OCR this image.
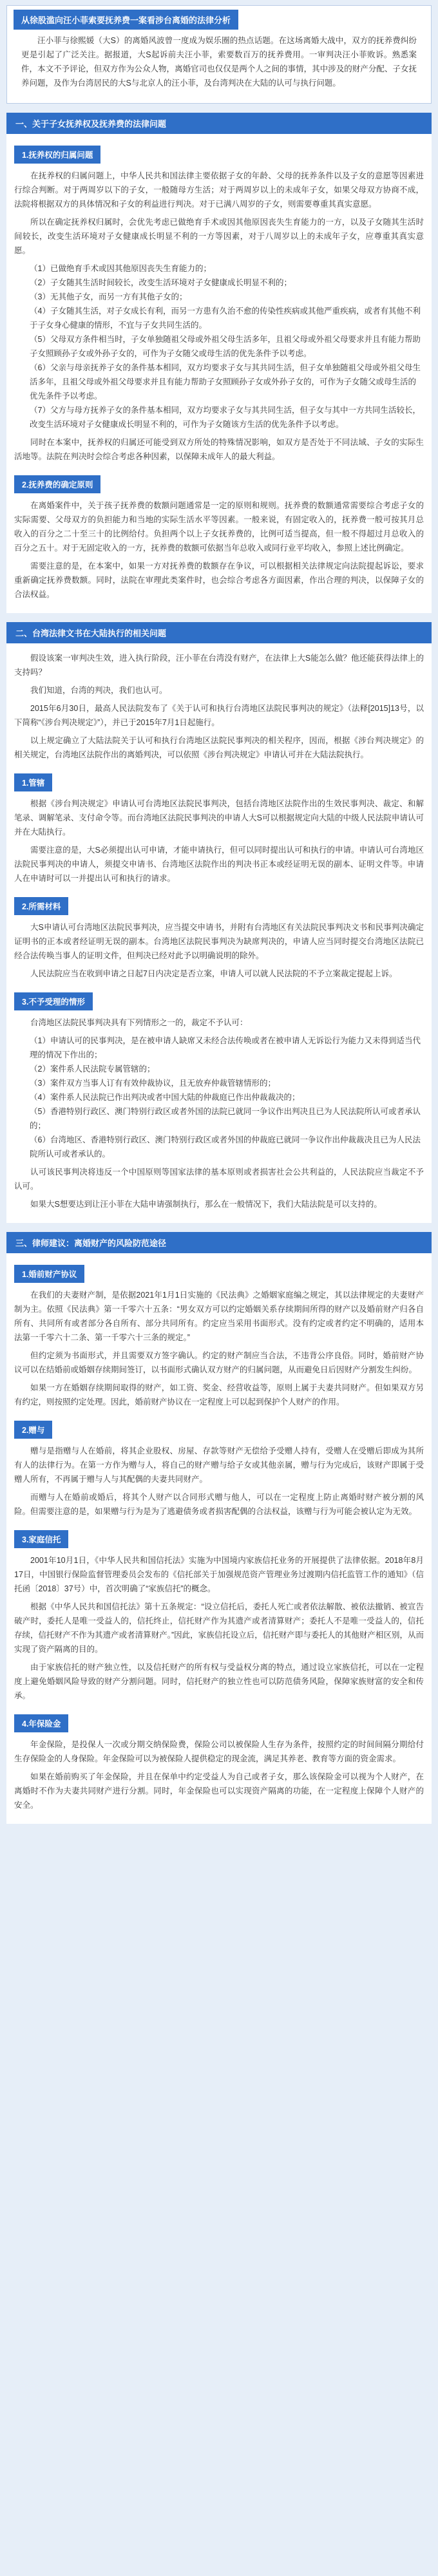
从徐股滥向汪小菲索要抚养费一案看涉台离婚的法律分析
汪小菲与徐熙媛（大S）的离婚风波曾一度成为娱乐圈的热点话题。在这场离婚大战中，双方的抚养费纠纷更是引起了广泛关注。据报道，大S起诉前夫汪小菲，索要数百万的抚养费用。一审判决汪小菲败诉。熟悉案件，本文不予评论，但双方作为公众人物，离婚官司也仅仅是两个人之间的事情，其中涉及的财产分配、子女抚养问题，及作为台湾居民的大S与北京人的汪小菲，及台湾判决在大陆的认可与执行问题。
一、关于子女抚养权及抚养费的法律问题
1.抚养权的归属问题
在抚养权的归属问题上，中华人民共和国法律主要依据子女的年龄、父母的抚养条件以及子女的意愿等因素进行综合判断。对于两周岁以下的子女，一般随母方生活；对于两周岁以上的未成年子女，如果父母双方协商不成，法院将根据双方的具体情况和子女的利益进行判决。对于已满八周岁的子女，则需要尊重其真实意愿。
所以在确定抚养权归属时，会优先考虑已做绝育手术或因其他原因丧失生育能力的一方，以及子女随其生活时间较长，改变生活环境对子女健康成长明显不利的一方等因素，对于八周岁以上的未成年子女，应尊重其真实意愿。
（1）已做绝育手术或因其他原因丧失生育能力的；
（2）子女随其生活时间较长，改变生活环境对子女健康成长明显不利的；
（3）无其他子女，而另一方有其他子女的；
（4）子女随其生活，对子女成长有利，而另一方患有久治不愈的传染性疾病或其他严重疾病，或者有其他不利于子女身心健康的情形，不宜与子女共同生活的。
（5）父母双方条件相当时，子女单独随祖父母或外祖父母生活多年，且祖父母或外祖父母要求并且有能力帮助子女照顾孙子女或外孙子女的，可作为子女随父或母生活的优先条件予以考虑。
（6）父亲与母亲抚养子女的条件基本相同，双方均要求子女与其共同生活，但子女单独随祖父母或外祖父母生活多年，且祖父母或外祖父母要求并且有能力帮助子女照顾孙子女或外孙子女的，可作为子女随父或母生活的优先条件予以考虑。
（7）父方与母方抚养子女的条件基本相同，双方均要求子女与其共同生活，但子女与其中一方共同生活较长，改变生活环境对子女健康成长明显不利的，可作为子女随该方生活的优先条件予以考虑。
同时在本案中，抚养权的归属还可能受到双方所处的特殊情况影响，如双方是否处于不同法域、子女的实际生活地等。法院在判决时会综合考虑各种因素，以保障未成年人的最大利益。
2.抚养费的确定原则
在离婚案件中，关于孩子抚养费的数额问题通常是一定的原则和规则。抚养费的数额通常需要综合考虑子女的实际需要、父母双方的负担能力和当地的实际生活水平等因素。一般来说，有固定收入的，抚养费一般可按其月总收入的百分之二十至三十的比例给付。负担两个以上子女抚养费的，比例可适当提高，但一般不得超过月总收入的百分之五十。对于无固定收入的一方，抚养费的数额可依据当年总收入或同行业平均收入，参照上述比例确定。
需要注意的是，在本案中，如果一方对抚养费的数额存在争议，可以根据相关法律规定向法院提起诉讼，要求重新确定抚养费数额。同时，法院在审理此类案件时，也会综合考虑各方面因素，作出合理的判决，以保障子女的合法权益。
二、台湾法律文书在大陆执行的相关问题
假设该案一审判决生效，进入执行阶段，汪小菲在台湾没有财产，在法律上大S能怎么做？他还能获得法律上的支持吗？
我们知道，台湾的判决，我们也认可。
2015年6月30日，最高人民法院发布了《关于认可和执行台湾地区法院民事判决的规定》（法释[2015]13号，以下简称“《涉台判决规定》”），并已于2015年7月1日起施行。
以上规定确立了大陆法院关于认可和执行台湾地区法院民事判决的相关程序，因而，根据《涉台判决规定》的相关规定，台湾地区法院作出的离婚判决，可以依照《涉台判决规定》申请认可并在大陆法院执行。
1.管辖
根据《涉台判决规定》申请认可台湾地区法院民事判决，包括台湾地区法院作出的生效民事判决、裁定、和解笔录、调解笔录、支付命令等。而台湾地区法院民事判决的申请人大S可以根据规定向大陆的中级人民法院申请认可并在大陆执行。
需要注意的是，大S必须提出认可申请，才能申请执行，但可以同时提出认可和执行的申请。申请认可台湾地区法院民事判决的申请人，须提交申请书、台湾地区法院作出的判决书正本或经证明无误的副本、证明文件等。申请人在申请时可以一并提出认可和执行的请求。
2.所需材料
大S申请认可台湾地区法院民事判决，应当提交申请书，并附有台湾地区有关法院民事判决文书和民事判决确定证明书的正本或者经证明无误的副本。台湾地区法院民事判决为缺席判决的，申请人应当同时提交台湾地区法院已经合法传唤当事人的证明文件，但判决已经对此予以明确说明的除外。
人民法院应当在收到申请之日起7日内决定是否立案，申请人可以就人民法院的不予立案裁定提起上诉。
3.不予受理的情形
台湾地区法院民事判决具有下列情形之一的，裁定不予认可：
（1）申请认可的民事判决，是在被申请人缺席又未经合法传唤或者在被申请人无诉讼行为能力又未得到适当代理的情况下作出的；
（2）案件系人民法院专属管辖的；
（3）案件双方当事人订有有效仲裁协议，且无放弃仲裁管辖情形的；
（4）案件系人民法院已作出判决或者中国大陆的仲裁庭已作出仲裁裁决的；
（5）香港特别行政区、澳门特别行政区或者外国的法院已就同一争议作出判决且已为人民法院所认可或者承认的；
（6）台湾地区、香港特别行政区、澳门特别行政区或者外国的仲裁庭已就同一争议作出仲裁裁决且已为人民法院所认可或者承认的。
认可该民事判决将违反一个中国原则等国家法律的基本原则或者损害社会公共利益的，人民法院应当裁定不予认可。
如果大S想要达到让汪小菲在大陆申请强制执行，那么在一般情况下，我们大陆法院是可以支持的。
三、律师建议：离婚财产的风险防范途径
1.婚前财产协议
在我们的夫妻财产制，是依据2021年1月1日实施的《民法典》之婚姻家庭编之规定，其以法律规定的夫妻财产制为主。依照《民法典》第一千零六十五条：“男女双方可以约定婚姻关系存续期间所得的财产以及婚前财产归各自所有、共同所有或者部分各自所有、部分共同所有。约定应当采用书面形式。没有约定或者约定不明确的，适用本法第一千零六十二条、第一千零六十三条的规定。”
但约定须为书面形式，并且需要双方签字确认。约定的财产制应当合法，不违背公序良俗。同时，婚前财产协议可以在结婚前或婚姻存续期间签订，以书面形式确认双方财产的归属问题，从而避免日后因财产分割发生纠纷。
如果一方在婚姻存续期间取得的财产，如工资、奖金、经营收益等，原则上属于夫妻共同财产。但如果双方另有约定，则按照约定处理。因此，婚前财产协议在一定程度上可以起到保护个人财产的作用。
2.赠与
赠与是指赠与人在婚前，将其企业股权、房屋、存款等财产无偿给予受赠人持有，受赠人在受赠后即成为其所有人的法律行为。在第一方作为赠与人，将自己的财产赠与给子女或其他亲属，赠与行为完成后，该财产即属于受赠人所有，不再属于赠与人与其配偶的夫妻共同财产。
而赠与人在婚前或婚后，将其个人财产以合同形式赠与他人，可以在一定程度上防止离婚时财产被分割的风险。但需要注意的是，如果赠与行为是为了逃避债务或者损害配偶的合法权益，该赠与行为可能会被认定为无效。
3.家庭信托
2001年10月1日，《中华人民共和国信托法》实施为中国境内家族信托业务的开展提供了法律依据。2018年8月17日，中国银行保险监督管理委员会发布的《信托部关于加强规范资产管理业务过渡期内信托监管工作的通知》（信托函〔2018〕37号）中，首次明确了“家族信托”的概念。
根据《中华人民共和国信托法》第十五条规定：“设立信托后，委托人死亡或者依法解散、被依法撤销、被宣告破产时，委托人是唯一受益人的，信托终止，信托财产作为其遗产或者清算财产；委托人不是唯一受益人的，信托存续，信托财产不作为其遗产或者清算财产。”因此，家族信托设立后，信托财产即与委托人的其他财产相区别，从而实现了资产隔离的目的。
由于家族信托的财产独立性，以及信托财产的所有权与受益权分离的特点，通过设立家族信托，可以在一定程度上避免婚姻风险导致的财产分割问题。同时，信托财产的独立性也可以防范债务风险，保障家族财富的安全和传承。
4.年保险金
年金保险，是投保人一次或分期交纳保险费，保险公司以被保险人生存为条件，按照约定的时间间隔分期给付生存保险金的人身保险。年金保险可以为被保险人提供稳定的现金流，满足其养老、教育等方面的资金需求。
如果在婚前购买了年金保险，并且在保单中约定受益人为自己或者子女，那么该保险金可以视为个人财产，在离婚时不作为夫妻共同财产进行分割。同时，年金保险也可以实现资产隔离的功能，在一定程度上保障个人财产的安全。
